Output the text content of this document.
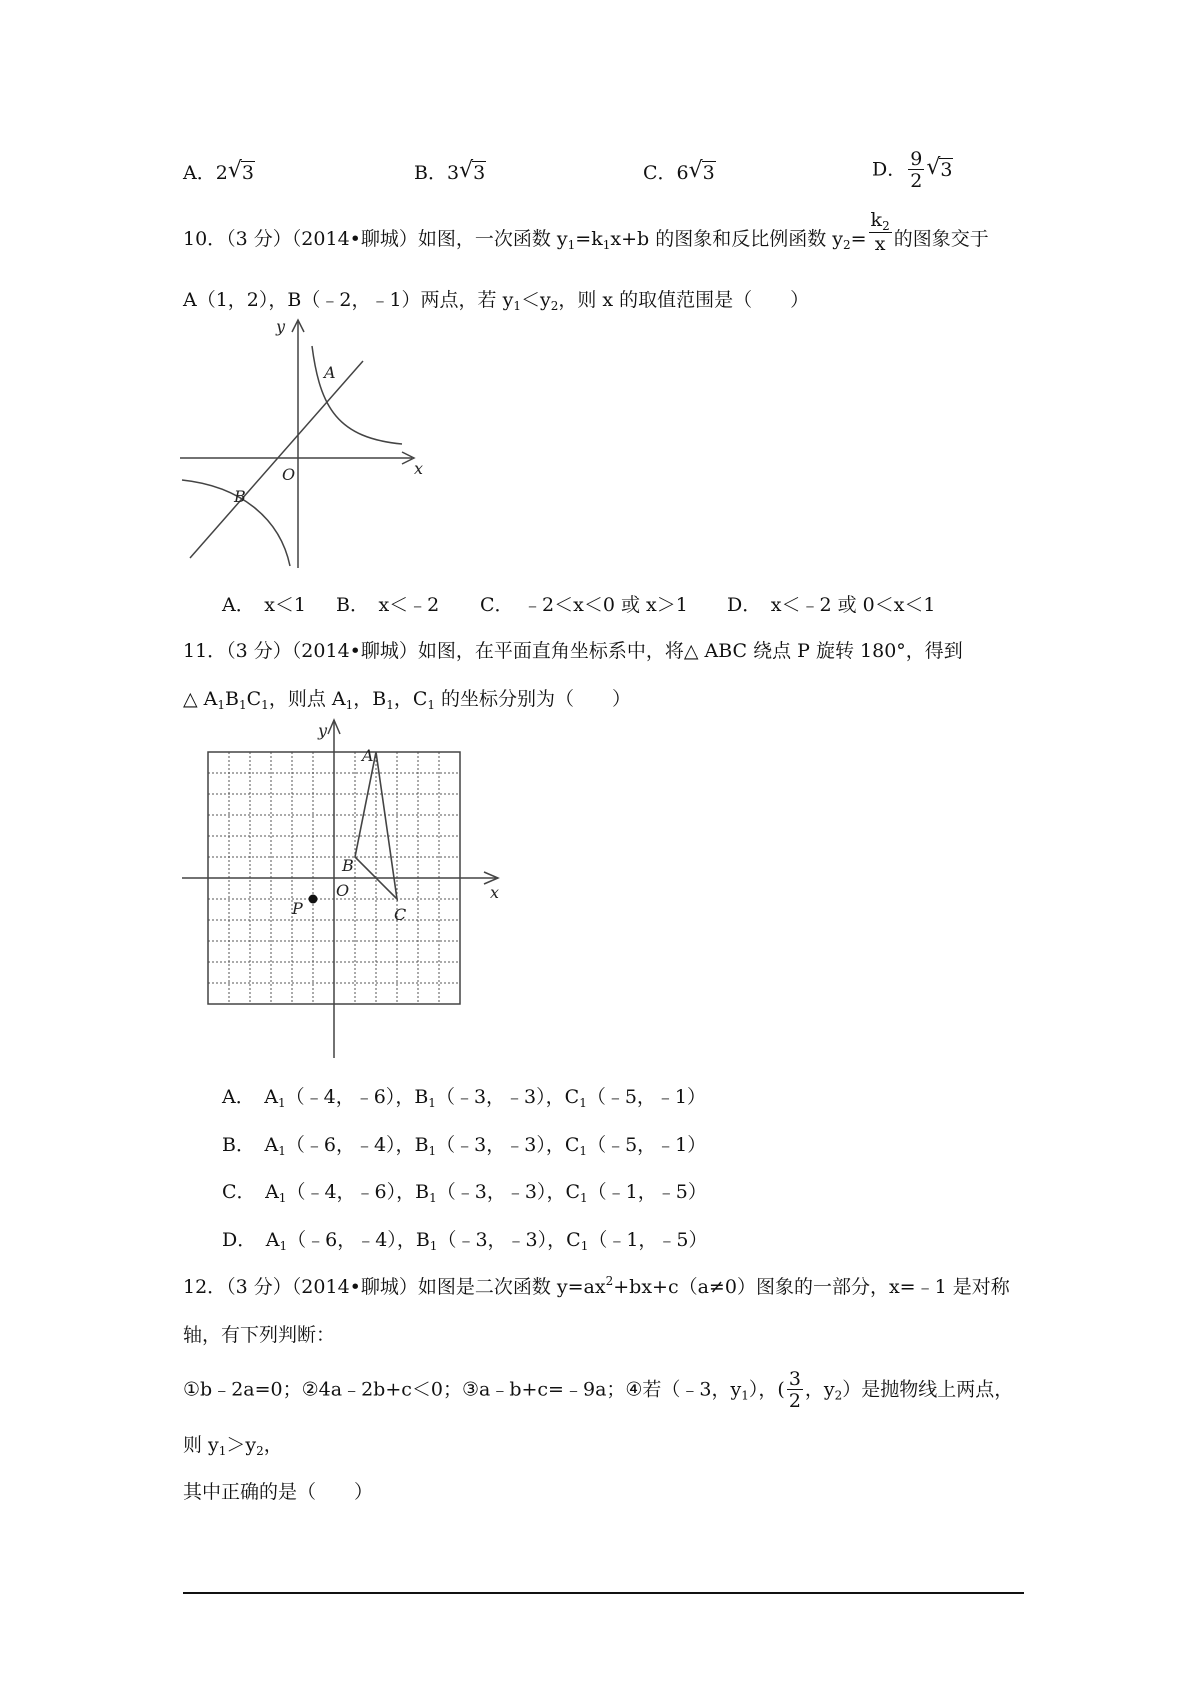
A．2 √ 3	B．3 √ 3	C．6 √ 3	D． $\frac{9}{2}$ √ 3
10．（3 分）（2014•聊城）如图，一次函数 $y_1=k_1x+b$ 的图象和反比例函数 $y_2= \frac{k_2}{x}$ 的图象交于
A（1，2），B（﹣2，﹣1）两点，若 $y_1<y_2$，则 x 的取值范围是（　　）
y
x
O
A
B
A．　x＜1 B．　x＜﹣2 C．　﹣2＜x＜0 或 x＞1 D．　x＜﹣2 或 0＜x＜1
11．（3 分）（2014•聊城）如图，在平面直角坐标系中，将△ ABC 绕点 P 旋转 180°，得到
△ $A_1B_1C_1$，则点 $A_1$，$B_1$，$C_1$ 的坐标分别为（　　）
y
x
O
A
B
C
P
A．　 $A_1(﹣4$，﹣6），$B_1(﹣3$，﹣3），$C_1(﹣5$，﹣1）
B．　 $A_1(﹣6$，﹣4），$B_1(﹣3$，﹣3），$C_1(﹣5$，﹣1）
C．　 $A_1(﹣4$，﹣6），$B_1(﹣3$，﹣3），$C_1(﹣1$，﹣5）
D．　 $A_1(﹣6$，﹣4），$B_1(﹣3$，﹣3），$C_1(﹣1$，﹣5）
12．（3 分）（2014•聊城）如图是二次函数 $y=ax^2+bx+c(a\ne 0)$图象的一部分，x=﹣1 是对称
轴，有下列判断：
①b﹣2a=0；②4a﹣2b+c＜0；③a﹣b+c=﹣9a；④若（﹣3，$y_1$），( $\frac{3}{2}$ ，$y_2$）是抛物线上两点，
则 $y_1>y_2$，
其中正确的是（　　）
